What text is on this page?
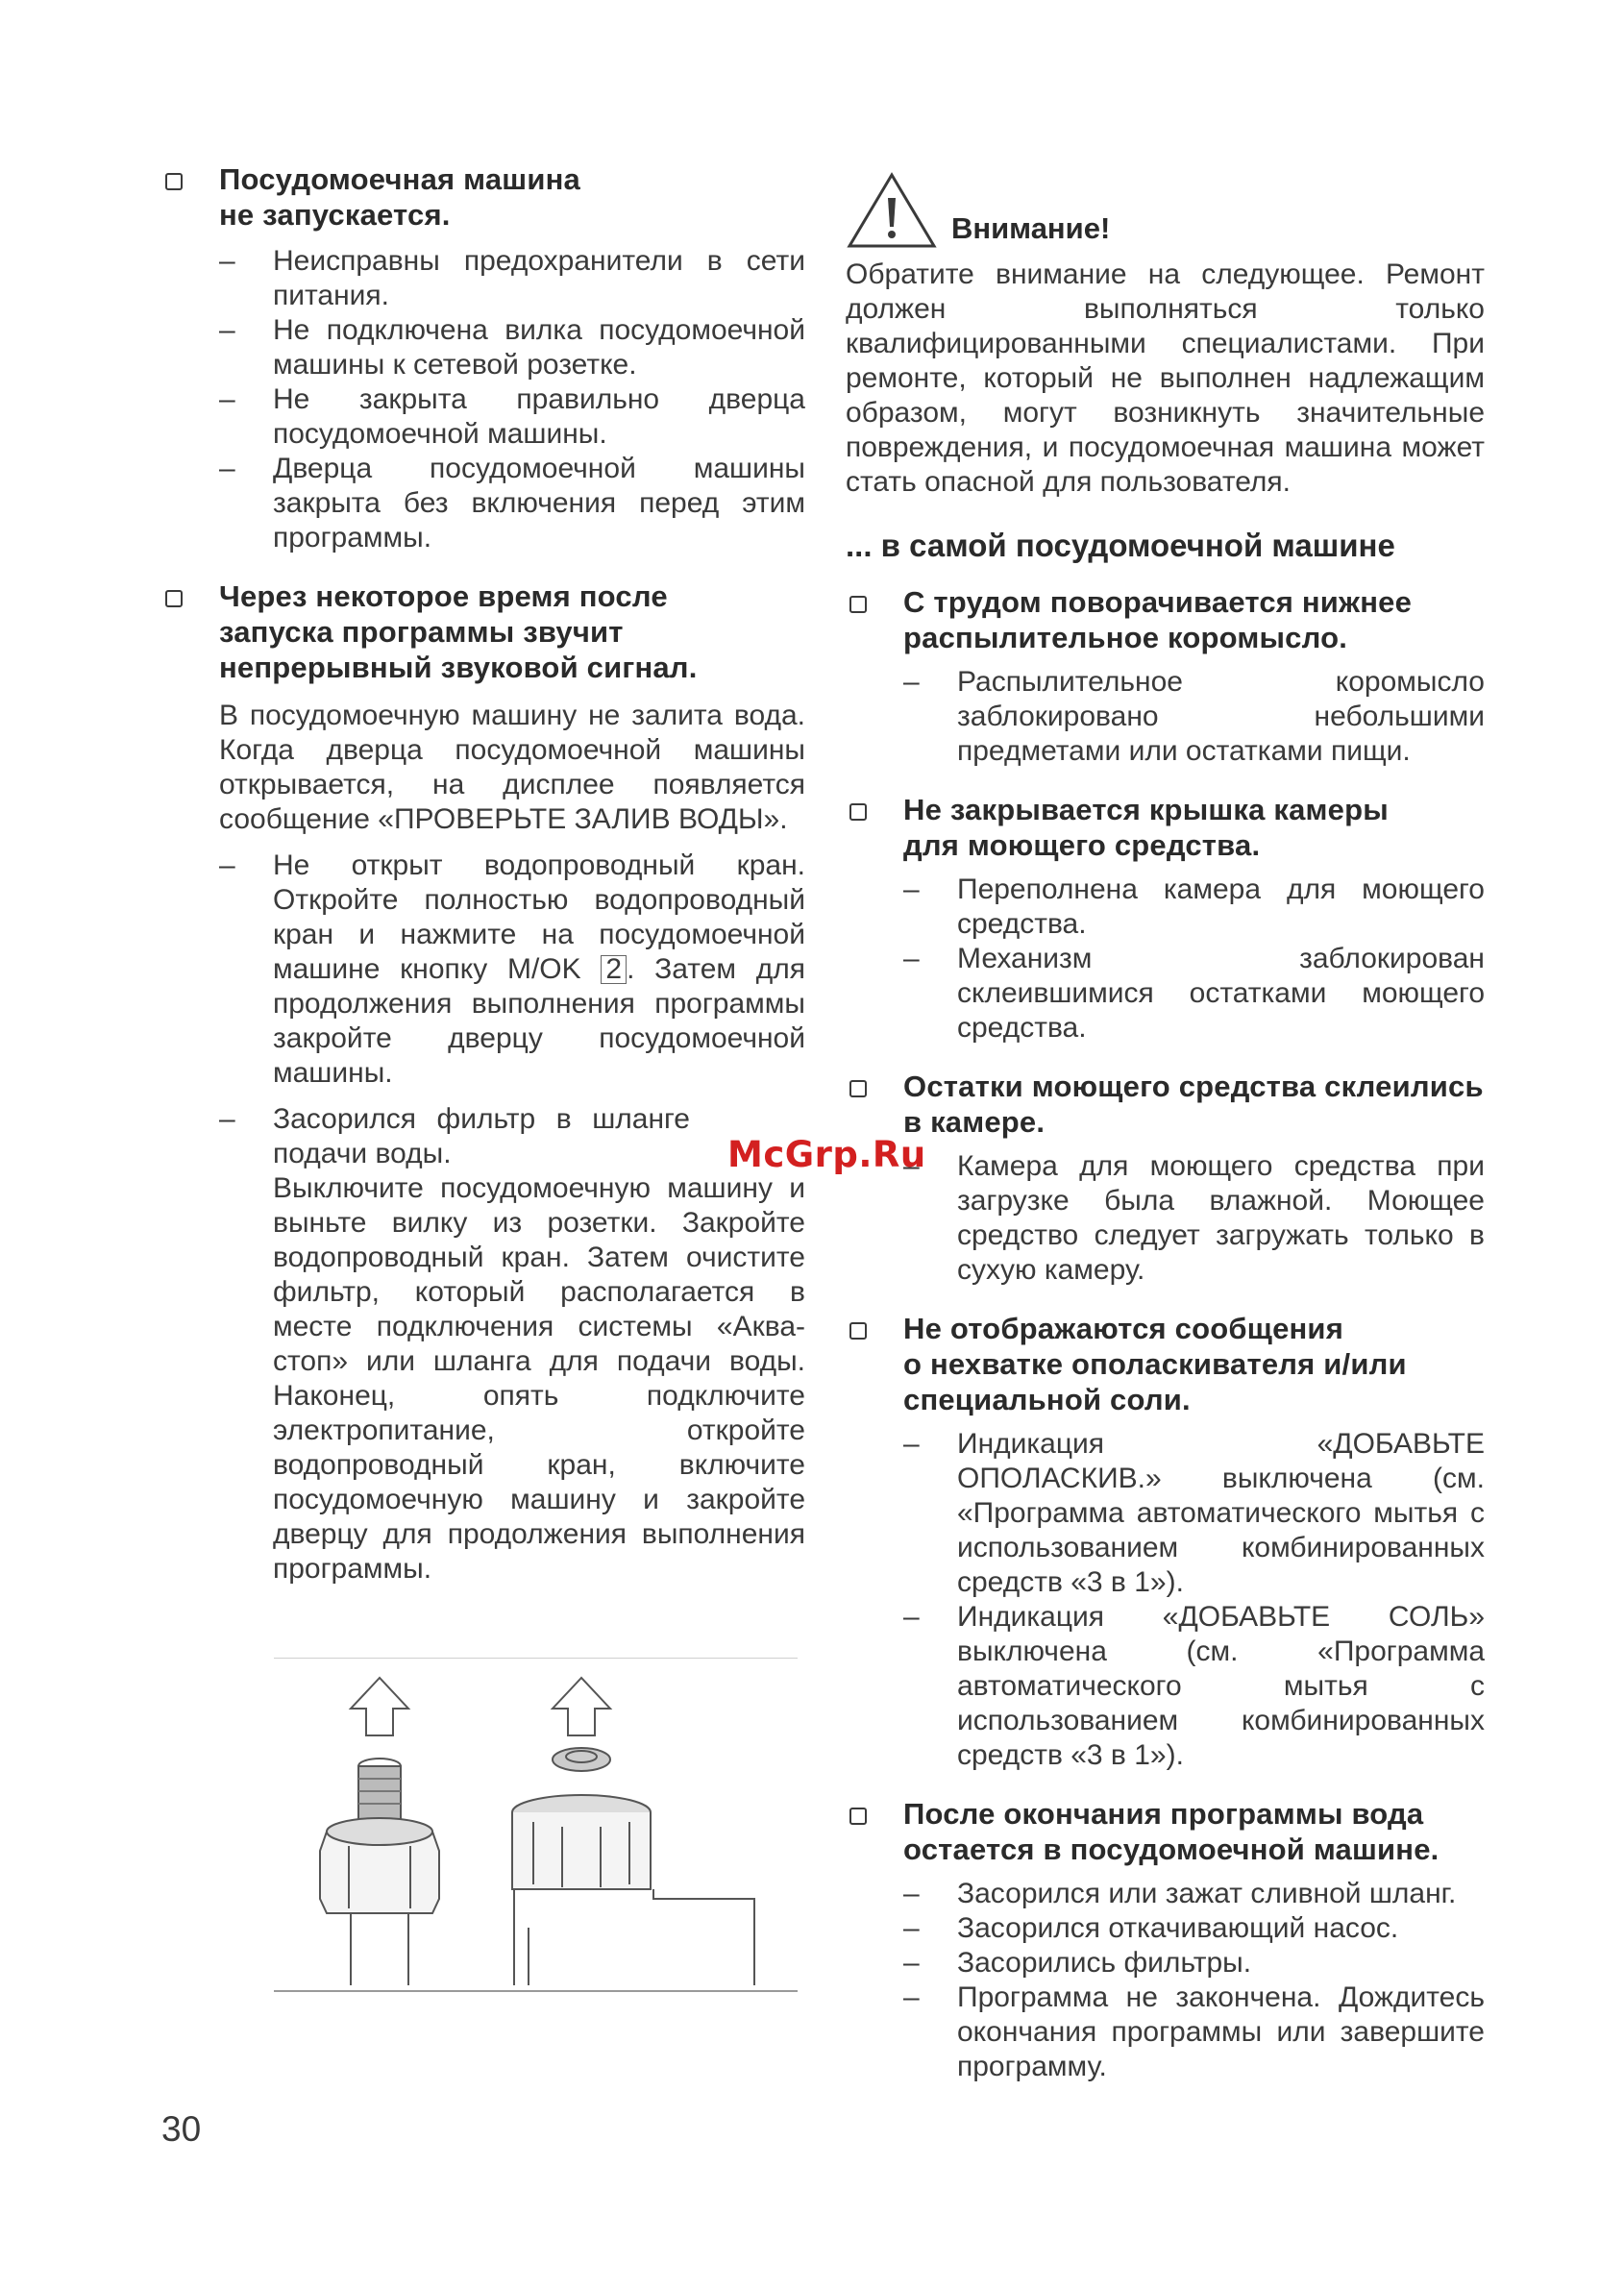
Посудомоечная машина
не запускается.

– Неисправны предохранители в сети питания.
– Не подключена вилка посудомоечной машины к сетевой розетке.
– Не закрыта правильно дверца посудомоечной машины.
– Дверца посудомоечной машины закрыта без включения перед этим программы.

Через некоторое время после
запуска программы звучит
непрерывный звуковой сигнал.

В посудомоечную машину не залита вода. Когда дверца посудомоечной машины открывается, на дисплее появляется сообщение «ПРОВЕРЬТЕ ЗАЛИВ ВОДЫ».

– Не открыт водопроводный кран. Откройте полностью водопроводный кран и нажмите на посудомоечной машине кнопку M/OK 2 . Затем для продолжения выполнения программы закройте дверцу посудомоечной машины.
– Засорился фильтр в шланге подачи воды.
Выключите посудомоечную машину и выньте вилку из розетки. Закройте водопроводный кран. Затем очистите фильтр, который располагается в месте подключения системы «Аква-стоп» или шланга для подачи воды. Наконец, опять подключите электропитание, откройте водопроводный кран, включите посудомоечную машину и закройте дверцу для продолжения выполнения программы.
McGrp.Ru
30
Внимание!

Обратите внимание на следующее. Ремонт должен выполняться только квалифицированными специалистами. При ремонте, который не выполнен надлежащим образом, могут возникнуть значительные повреждения, и посудомоечная машина может стать опасной для пользователя.

... в самой посудомоечной машине

С трудом поворачивается нижнее
распылительное коромысло.

– Распылительное коромысло заблокировано небольшими предметами или остатками пищи.

Не закрывается крышка камеры
для моющего средства.

– Переполнена камера для моющего средства.
– Механизм заблокирован склеившимися остатками моющего средства.

Остатки моющего средства склеились в камере.

– Камера для моющего средства при загрузке была влажной. Моющее средство следует загружать только в сухую камеру.

Не отображаются сообщения
о нехватке ополаскивателя и/или
специальной соли.

– Индикация «ДОБАВЬТЕ ОПОЛАСКИВ.» выключена (см. «Программа автоматического мытья с использованием комбинированных средств «3 в 1»).
– Индикация «ДОБАВЬТЕ СОЛЬ» выключена (см. «Программа автоматического мытья с использованием комбинированных средств «3 в 1»).

После окончания программы вода
остается в посудомоечной машине.

– Засорился или зажат сливной шланг.
– Засорился откачивающий насос.
– Засорились фильтры.
– Программа не закончена. Дождитесь окончания программы или завершите программу.
